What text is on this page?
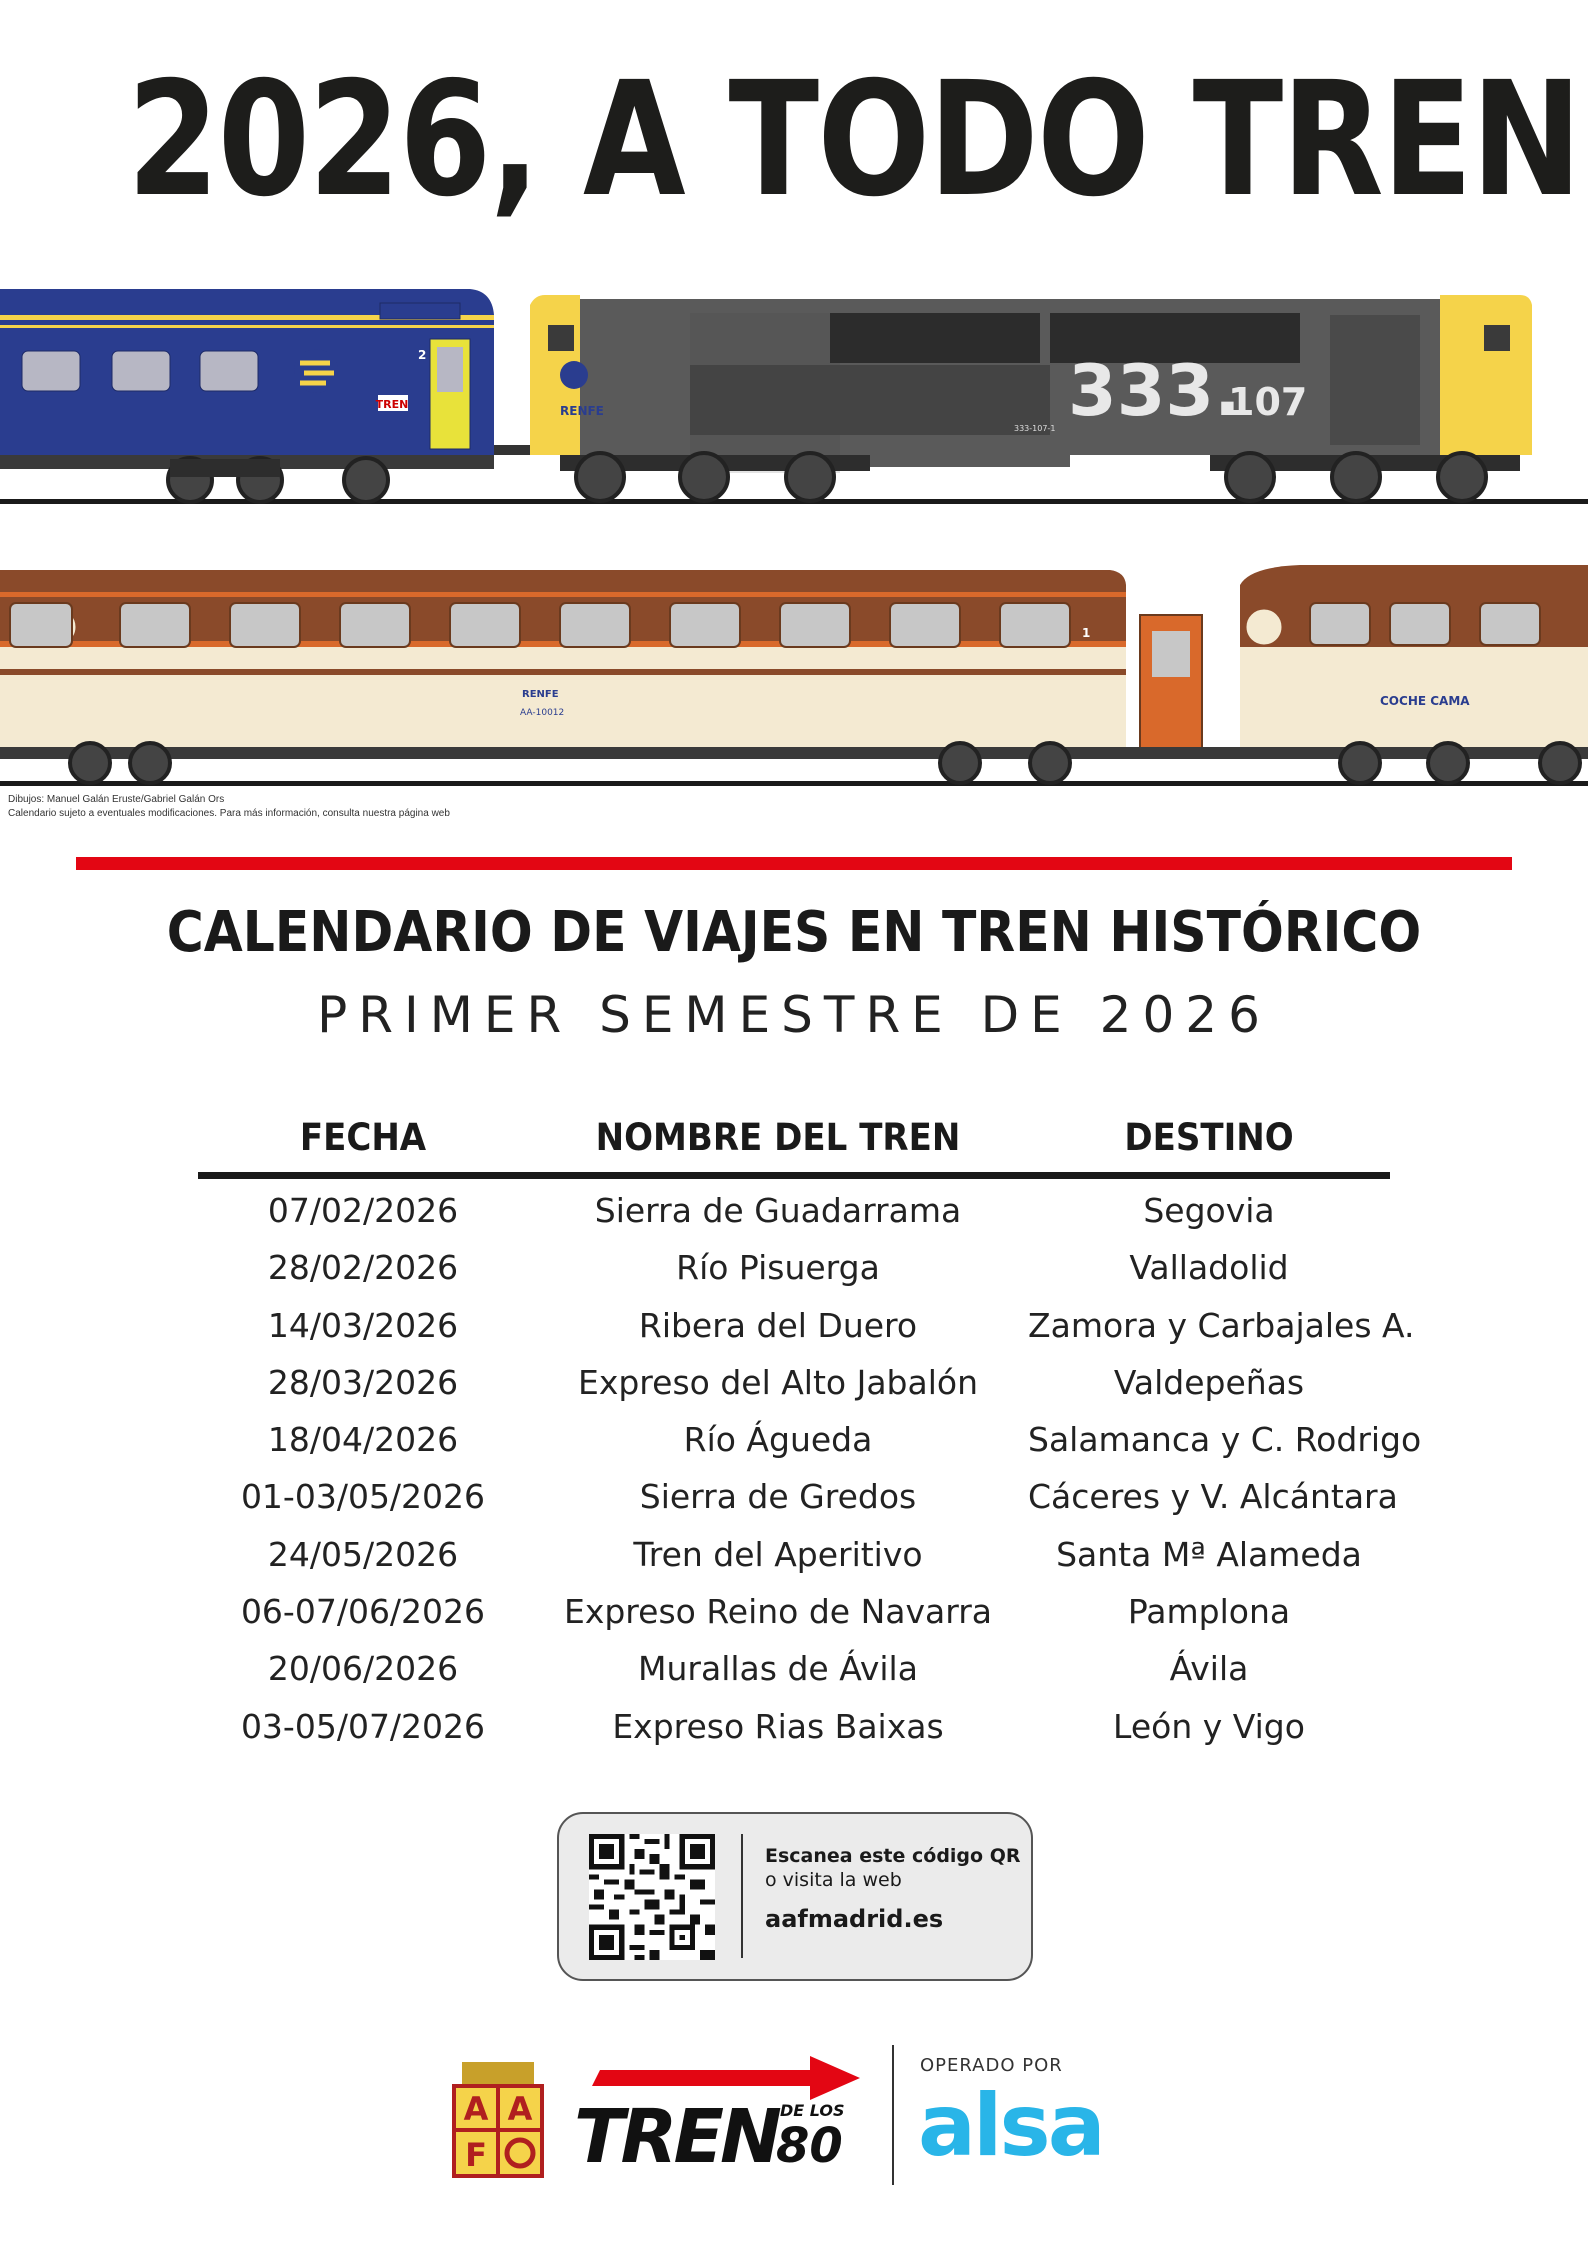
2026, A TODO TREN
TREN
2
RENFE	333.
107
333-107-1
RENFE
AA-10012
1
COCHE CAMA
Dibujos: Manuel Galán Eruste/Gabriel Galán Ors
Calendario sujeto a eventuales modificaciones. Para más información, consulta nuestra página web
CALENDARIO DE VIAJES EN TREN HISTÓRICO
PRIMER SEMESTRE DE 2026
FECHA	NOMBRE DEL TREN	DESTINO
07/02/2026	Sierra de Guadarrama	Segovia
28/02/2026	Río Pisuerga	Valladolid
14/03/2026	Ribera del Duero	Zamora y Carbajales A.
28/03/2026	Expreso del Alto Jabalón	Valdepeñas
18/04/2026	Río Águeda	Salamanca y C. Rodrigo
01-03/05/2026	Sierra de Gredos	Cáceres y V. Alcántara
24/05/2026	Tren del Aperitivo	Santa Mª Alameda
06-07/06/2026	Expreso Reino de Navarra	Pamplona
20/06/2026	Murallas de Ávila	Ávila
03-05/07/2026	Expreso Rias Baixas	León y Vigo
Escanea este código QR
o visita la web
aafmadrid.es
A A
F TREN DE LOS
80
OPERADO POR
alsa
